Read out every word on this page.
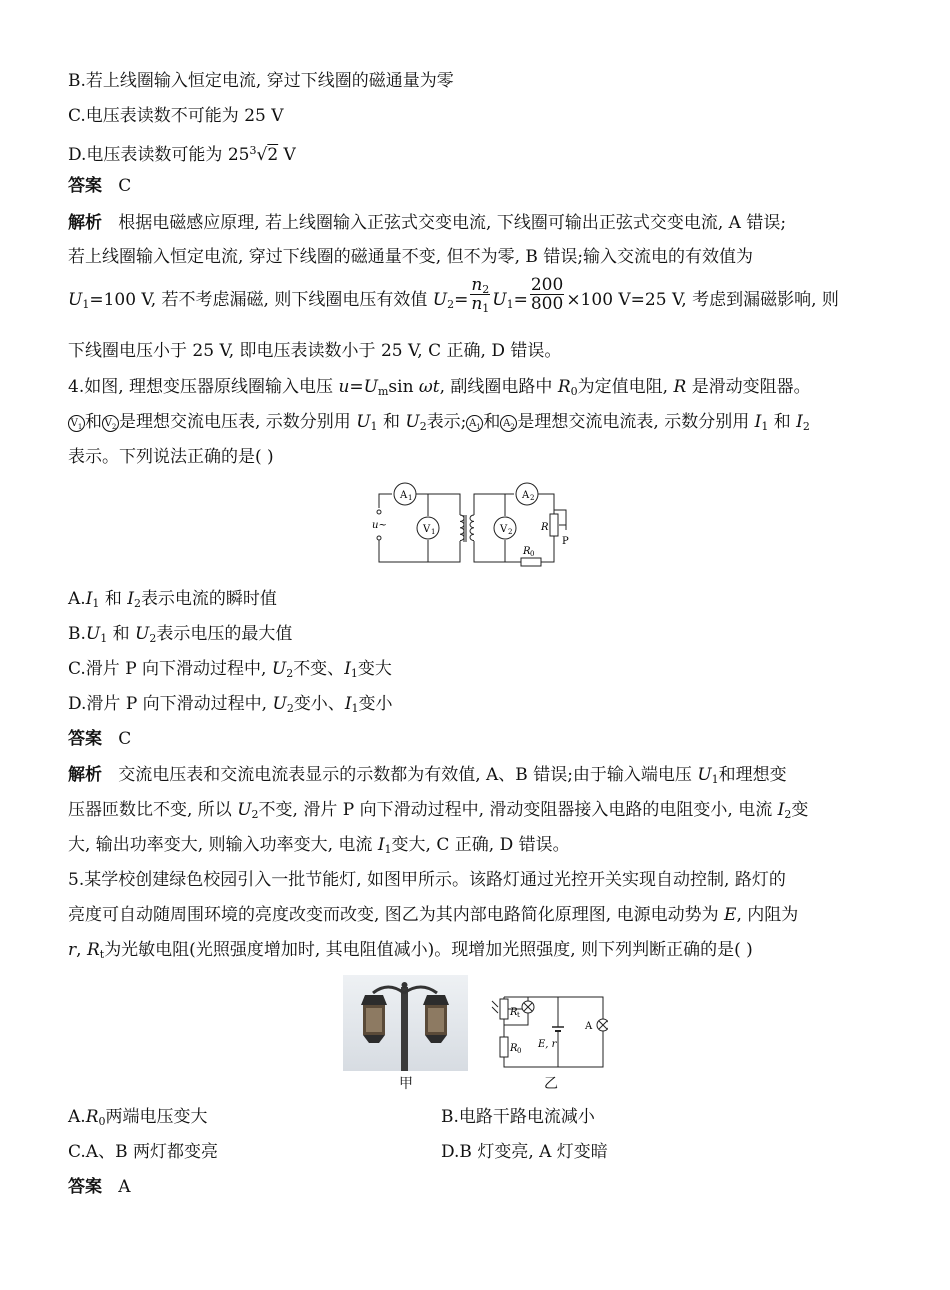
B.若上线圈输入恒定电流, 穿过下线圈的磁通量为零
C.电压表读数不可能为 25 V
D.电压表读数可能为 $25^3√2$ V
答案 C
解析 根据电磁感应原理, 若上线圈输入正弦式交变电流, 下线圈可输出正弦式交变电流, A 错误;
若上线圈输入恒定电流, 穿过下线圈的磁通量不变, 但不为零, B 错误;输入交流电的有效值为
$U_1=100$ V, 若不考虑漏磁, 则下线圈电压有效值 $U_2= \frac{n_2}{n_1} U_1= \frac{200}{800} \times 100$ V=25 V, 考虑到漏磁影响, 则
下线圈电压小于 25 V, 即电压表读数小于 25 V, C 正确, D 错误。
4.如图, 理想变压器原线圈输入电压 $u=U_m\sin$ ωt, 副线圈电路中 $R_0$为定值电阻, R 是滑动变阻器。
$V_1$ 和 $V_2$ 是理想交流电压表, 示数分别用 $U_1$ 和 $U_2$表示; $A_1$ 和 $A_2$ 是理想交流电流表, 示数分别用 $I_1$ 和 $I_2$
表示。下列说法正确的是( )
u~
A 1
V 1
A 2
V 2	R
P
R 0
$A.I_1$ 和 $I_2$表示电流的瞬时值
$B.U_1$ 和 $U_2$表示电压的最大值
C.滑片 P 向下滑动过程中, $U_2$不变、$I_1$变大
D.滑片 P 向下滑动过程中, $U_2$变小、$I_1$变小
答案 C
解析 交流电压表和交流电流表显示的示数都为有效值, A、B 错误;由于输入端电压 $U_1$和理想变
压器匝数比不变, 所以 $U_2$不变, 滑片 P 向下滑动过程中, 滑动变阻器接入电路的电阻变小, 电流 $I_2$变
大, 输出功率变大, 则输入功率变大, 电流 $I_1$变大, C 正确, D 错误。
5.某学校创建绿色校园引入一批节能灯, 如图甲所示。该路灯通过光控开关实现自动控制, 路灯的
亮度可自动随周围环境的亮度改变而改变, 图乙为其内部电路简化原理图, 电源电动势为 E, 内阻为
r, $R_t$为光敏电阻(光照强度增加时, 其电阻值减小)。现增加光照强度, 则下列判断正确的是( )
甲
R t
R 0
E, r
A
乙
$A.R_0$两端电压变大	B.电路干路电流减小
C.A、B 两灯都变亮	D.B 灯变亮, A 灯变暗
答案 A
